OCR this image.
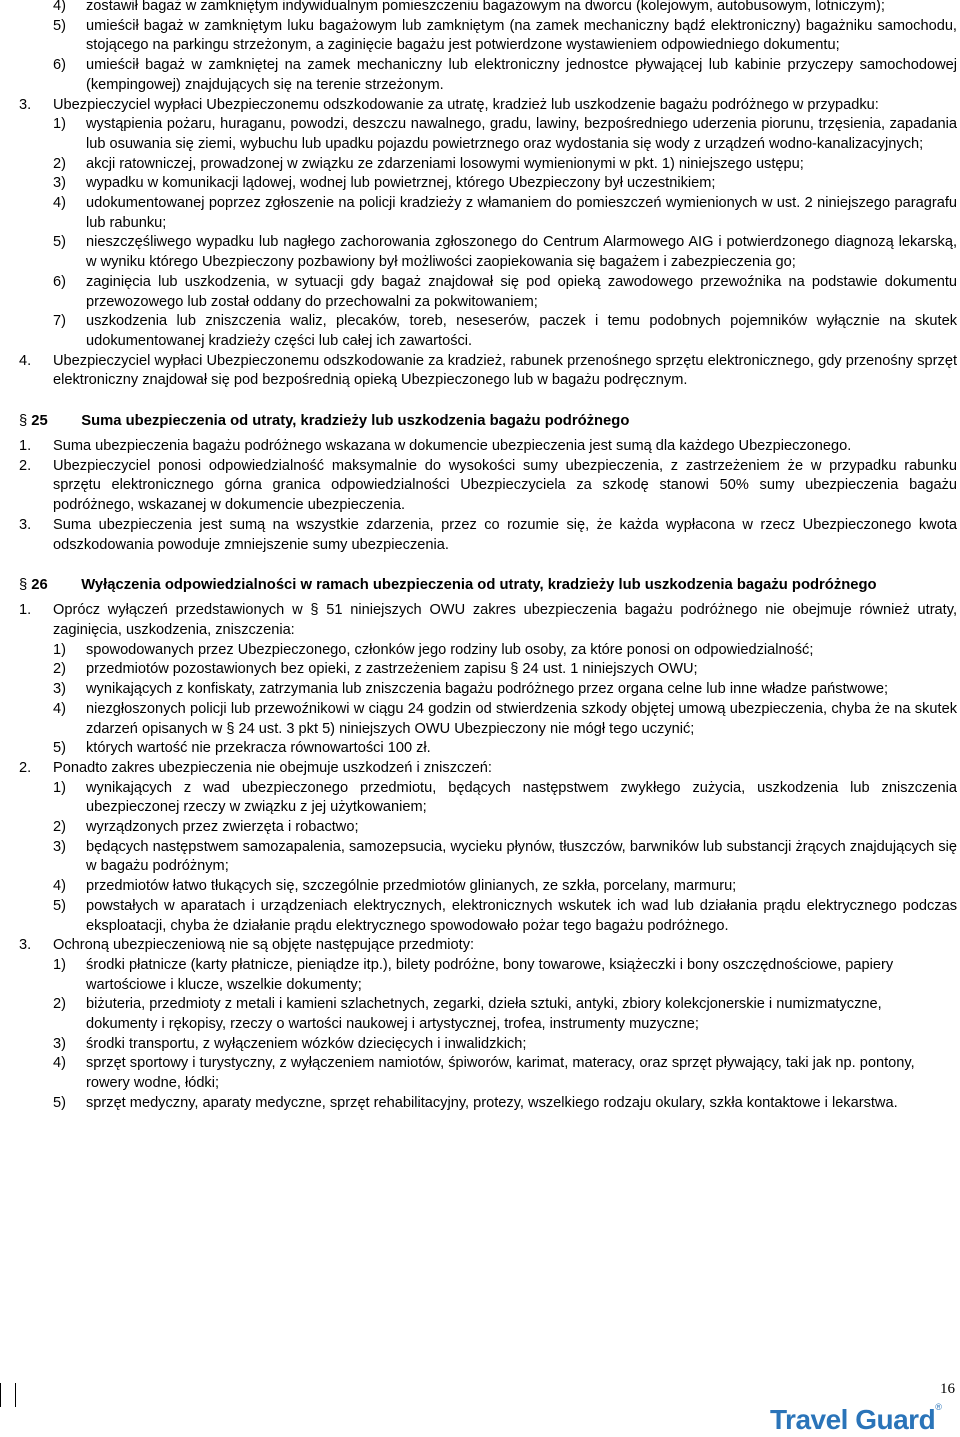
4) zostawił bagaż w zamkniętym indywidualnym pomieszczeniu bagażowym na dworcu (kolejowym, autobusowym, lotniczym);
5) umieścił bagaż w zamkniętym luku bagażowym lub zamkniętym (na zamek mechaniczny bądź elektroniczny) bagażniku samochodu, stojącego na parkingu strzeżonym, a zaginięcie bagażu jest potwierdzone wystawieniem odpowiedniego dokumentu;
6) umieścił bagaż w zamkniętej na zamek mechaniczny lub elektroniczny jednostce pływającej lub kabinie przyczepy samochodowej (kempingowej) znajdujących się na terenie strzeżonym.
3. Ubezpieczyciel wypłaci Ubezpieczonemu odszkodowanie za utratę, kradzież lub uszkodzenie bagażu podróżnego w przypadku:
1) wystąpienia pożaru, huraganu, powodzi, deszczu nawalnego, gradu, lawiny, bezpośredniego uderzenia piorunu, trzęsienia, zapadania lub osuwania się ziemi, wybuchu lub upadku pojazdu powietrznego oraz wydostania się wody z urządzeń wodno-kanalizacyjnych;
2) akcji ratowniczej, prowadzonej w związku ze zdarzeniami losowymi wymienionymi w pkt. 1) niniejszego ustępu;
3) wypadku w komunikacji lądowej, wodnej lub powietrznej, którego Ubezpieczony był uczestnikiem;
4) udokumentowanej poprzez zgłoszenie na policji kradzieży z włamaniem do pomieszczeń wymienionych w ust. 2 niniejszego paragrafu lub rabunku;
5) nieszczęśliwego wypadku lub nagłego zachorowania zgłoszonego do Centrum Alarmowego AIG i potwierdzonego diagnozą lekarską, w wyniku którego Ubezpieczony pozbawiony był możliwości zaopiekowania się bagażem i zabezpieczenia go;
6) zaginięcia lub uszkodzenia, w sytuacji gdy bagaż znajdował się pod opieką zawodowego przewoźnika na podstawie dokumentu przewozowego lub został oddany do przechowalni za pokwitowaniem;
7) uszkodzenia lub zniszczenia waliz, plecaków, toreb, neseserów, paczek i temu podobnych pojemników wyłącznie na skutek udokumentowanej kradzieży części lub całej ich zawartości.
4. Ubezpieczyciel wypłaci Ubezpieczonemu odszkodowanie za kradzież, rabunek przenośnego sprzętu elektronicznego, gdy przenośny sprzęt elektroniczny znajdował się pod bezpośrednią opieką Ubezpieczonego lub w bagażu podręcznym.
§ 25 Suma ubezpieczenia od utraty, kradzieży lub uszkodzenia bagażu podróżnego
1. Suma ubezpieczenia bagażu podróżnego wskazana w dokumencie ubezpieczenia jest sumą dla każdego Ubezpieczonego.
2. Ubezpieczyciel ponosi odpowiedzialność maksymalnie do wysokości sumy ubezpieczenia, z zastrzeżeniem że w przypadku rabunku sprzętu elektronicznego górna granica odpowiedzialności Ubezpieczyciela za szkodę stanowi 50% sumy ubezpieczenia bagażu podróżnego, wskazanej w dokumencie ubezpieczenia.
3. Suma ubezpieczenia jest sumą na wszystkie zdarzenia, przez co rozumie się, że każda wypłacona w rzecz Ubezpieczonego kwota odszkodowania powoduje zmniejszenie sumy ubezpieczenia.
§ 26 Wyłączenia odpowiedzialności w ramach ubezpieczenia od utraty, kradzieży lub uszkodzenia bagażu podróżnego
1. Oprócz wyłączeń przedstawionych w § 51 niniejszych OWU zakres ubezpieczenia bagażu podróżnego nie obejmuje również utraty, zaginięcia, uszkodzenia, zniszczenia:
1) spowodowanych przez Ubezpieczonego, członków jego rodziny lub osoby, za które ponosi on odpowiedzialność;
2) przedmiotów pozostawionych bez opieki, z zastrzeżeniem zapisu § 24 ust. 1 niniejszych OWU;
3) wynikających z konfiskaty, zatrzymania lub zniszczenia bagażu podróżnego przez organa celne lub inne władze państwowe;
4) niezgłoszonych policji lub przewoźnikowi w ciągu 24 godzin od stwierdzenia szkody objętej umową ubezpieczenia, chyba że na skutek zdarzeń opisanych w § 24 ust. 3 pkt 5) niniejszych OWU Ubezpieczony nie mógł tego uczynić;
5) których wartość nie przekracza równowartości 100 zł.
2. Ponadto zakres ubezpieczenia nie obejmuje uszkodzeń i zniszczeń:
1) wynikających z wad ubezpieczonego przedmiotu, będących następstwem zwykłego zużycia, uszkodzenia lub zniszczenia ubezpieczonej rzeczy w związku z jej użytkowaniem;
2) wyrządzonych przez zwierzęta i robactwo;
3) będących następstwem samozapalenia, samozepsucia, wycieku płynów, tłuszczów, barwników lub substancji żrących znajdujących się w bagażu podróżnym;
4) przedmiotów łatwo tłukących się, szczególnie przedmiotów glinianych, ze szkła, porcelany, marmuru;
5) powstałych w aparatach i urządzeniach elektrycznych, elektronicznych wskutek ich wad lub działania prądu elektrycznego podczas eksploatacji, chyba że działanie prądu elektrycznego spowodowało pożar tego bagażu podróżnego.
3. Ochroną ubezpieczeniową nie są objęte następujące przedmioty:
1) środki płatnicze (karty płatnicze, pieniądze itp.), bilety podróżne, bony towarowe, książeczki i bony oszczędnościowe, papiery wartościowe i klucze, wszelkie dokumenty;
2) biżuteria, przedmioty z metali i kamieni szlachetnych, zegarki, dzieła sztuki, antyki, zbiory kolekcjonerskie i numizmatyczne, dokumenty i rękopisy, rzeczy o wartości naukowej i artystycznej, trofea, instrumenty muzyczne;
3) środki transportu, z wyłączeniem wózków dziecięcych i inwalidzkich;
4) sprzęt sportowy i turystyczny, z wyłączeniem namiotów, śpiworów, karimat, materacy, oraz sprzęt pływający, taki jak np. pontony, rowery wodne, łódki;
5) sprzęt medyczny, aparaty medyczne, sprzęt rehabilitacyjny, protezy, wszelkiego rodzaju okulary, szkła kontaktowe i lekarstwa.
16
Travel Guard®
